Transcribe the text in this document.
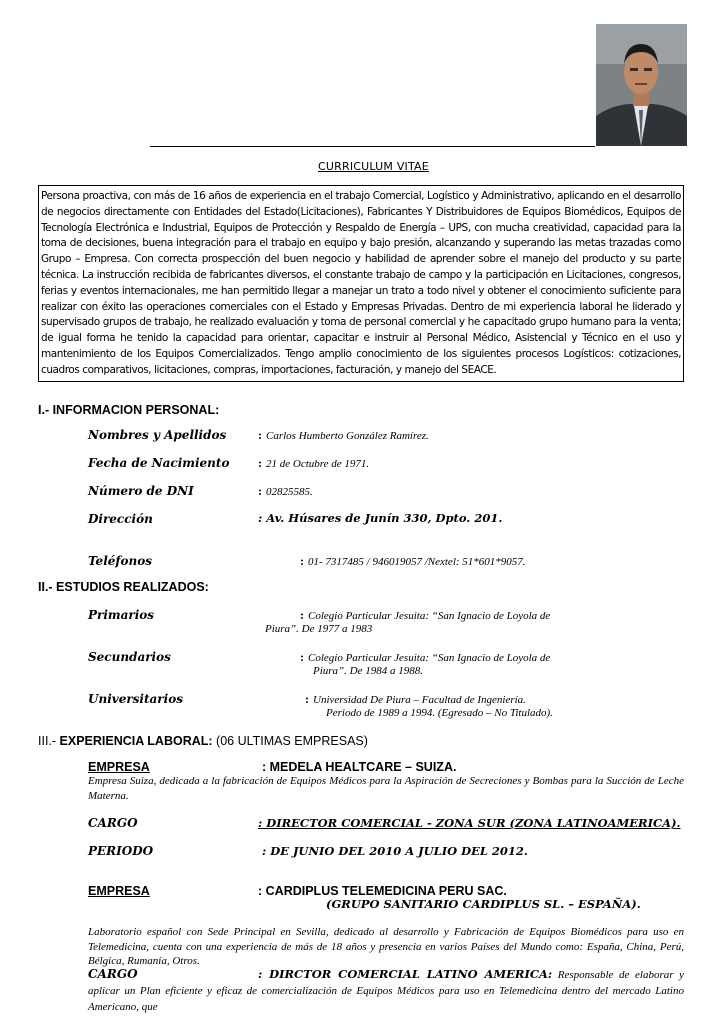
CURRICULUM VITAE
Persona proactiva, con más de 16 años de experiencia en el trabajo Comercial, Logístico y Administrativo, aplicando en el desarrollo de negocios directamente con Entidades del Estado(Licitaciones), Fabricantes Y Distribuidores de Equipos Biomédicos, Equipos de Tecnología Electrónica e Industrial, Equipos de Protección y Respaldo de Energía – UPS, con mucha creatividad, capacidad para la toma de decisiones, buena integración para el trabajo en equipo y bajo presión, alcanzando y superando las metas trazadas como Grupo – Empresa. Con correcta prospección del buen negocio y habilidad de aprender sobre el manejo del producto y su parte técnica. La instrucción recibida de fabricantes diversos, el constante trabajo de campo y la participación en Licitaciones, congresos, ferias y eventos internacionales, me han permitido llegar a manejar un trato a todo nivel y obtener el conocimiento suficiente para realizar con éxito las operaciones comerciales con el Estado y Empresas Privadas. Dentro de mi experiencia laboral he liderado y supervisado grupos de trabajo, he realizado evaluación y toma de personal comercial y he capacitado grupo humano para la venta; de igual forma he tenido la capacidad para orientar, capacitar e instruir al Personal Médico, Asistencial y Técnico en el uso y mantenimiento de los Equipos Comercializados. Tengo amplio conocimiento de los siguientes procesos Logísticos: cotizaciones, cuadros comparativos, licitaciones, compras, importaciones, facturación, y manejo del SEACE.
I.- INFORMACION PERSONAL:
Nombres y Apellidos	: Carlos Humberto González Ramírez.
Fecha de Nacimiento : 21 de Octubre de 1971.
Número de DNI	: 02825585.
Dirección	: Av. Húsares de Junín 330, Dpto. 201.
Teléfonos	: 01- 7317485 / 946019057 /Nextel: 51*601*9057.
II.- ESTUDIOS REALIZADOS:
Primarios	: Colegio Particular Jesuita: “San Ignacio de Loyola de
Piura”. De 1977 a 1983
Secundarios	: Colegio Particular Jesuita: “San Ignacio de Loyola de
Piura”. De 1984 a 1988.
Universitarios	: Universidad De Piura – Facultad de Ingeniería.
Periodo de 1989 a 1994. (Egresado – No Titulado).
III.- EXPERIENCIA LABORAL: (06 ULTIMAS EMPRESAS)
EMPRESA	: MEDELA HEALTCARE – SUIZA.
Empresa Suiza, dedicada a la fabricación de Equipos Médicos para la Aspiración de Secreciones y Bombas para la Succión de Leche Materna.
CARGO	: DIRECTOR COMERCIAL - ZONA SUR (ZONA LATINOAMERICA).
PERIODO	: DE JUNIO DEL 2010 A JULIO DEL 2012.
EMPRESA	: CARDIPLUS TELEMEDICINA PERU SAC.
(GRUPO SANITARIO CARDIPLUS SL. – ESPAÑA).
Laboratorio español con Sede Principal en Sevilla, dedicado al desarrollo y Fabricación de Equipos Biomédicos para uso en Telemedicina, cuenta con una experiencia de más de 18 años y presencia en varios Países del Mundo como: España, China, Perú, Bélgica, Rumanía, Otros.
CARGO	: DIRCTOR COMERCIAL LATINO AMERICA: Responsable de elaborar y aplicar un Plan eficiente y eficaz de comercialización de Equipos Médicos para uso en Telemedicina dentro del mercado Latino Americano, que
